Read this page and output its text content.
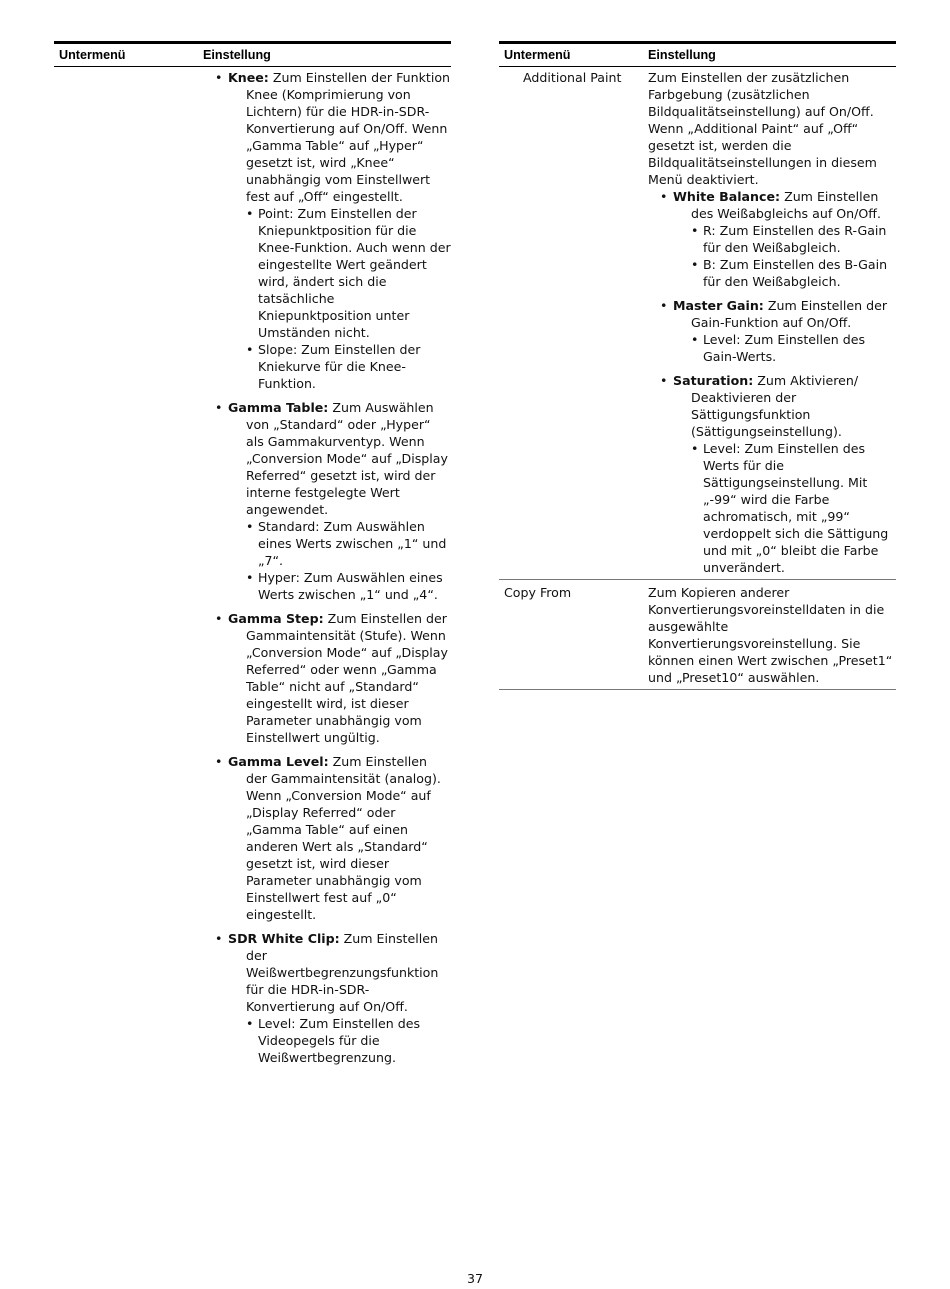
Untermenü	Einstellung
• Knee: Zum Einstellen der Funktion Knee (Komprimierung von Lichtern) für die HDR-in-SDR-Konvertierung auf On/Off. Wenn „Gamma Table“ auf „Hyper“ gesetzt ist, wird „Knee“ unabhängig vom Einstellwert fest auf „Off“ eingestellt.
• Point: Zum Einstellen der Kniepunktposition für die Knee-Funktion. Auch wenn der eingestellte Wert geändert wird, ändert sich die tatsächliche Kniepunktposition unter Umständen nicht.
• Slope: Zum Einstellen der Kniekurve für die Knee-Funktion.
• Gamma Table: Zum Auswählen von „Standard“ oder „Hyper“ als Gammakurventyp. Wenn „Conversion Mode“ auf „Display Referred“ gesetzt ist, wird der interne festgelegte Wert angewendet.
• Standard: Zum Auswählen eines Werts zwischen „1“ und „7“.
• Hyper: Zum Auswählen eines Werts zwischen „1“ und „4“.
• Gamma Step: Zum Einstellen der Gammaintensität (Stufe). Wenn „Conversion Mode“ auf „Display Referred“ oder wenn „Gamma Table“ nicht auf „Standard“ eingestellt wird, ist dieser Parameter unabhängig vom Einstellwert ungültig.
• Gamma Level: Zum Einstellen der Gammaintensität (analog). Wenn „Conversion Mode“ auf „Display Referred“ oder „Gamma Table“ auf einen anderen Wert als „Standard“ gesetzt ist, wird dieser Parameter unabhängig vom Einstellwert fest auf „0“ eingestellt.
• SDR White Clip: Zum Einstellen der Weißwertbegrenzungsfunktion für die HDR-in-SDR-Konvertierung auf On/Off.
• Level: Zum Einstellen des Videopegels für die Weißwertbegrenzung.
Untermenü	Einstellung
Additional Paint	Zum Einstellen der zusätzlichen Farbgebung (zusätzlichen Bildqualitätseinstellung) auf On/Off. Wenn „Additional Paint“ auf „Off“ gesetzt ist, werden die Bildqualitätseinstellungen in diesem Menü deaktiviert.
• White Balance: Zum Einstellen des Weißabgleichs auf On/Off.
• R: Zum Einstellen des R-Gain für den Weißabgleich.
• B: Zum Einstellen des B-Gain für den Weißabgleich.
• Master Gain: Zum Einstellen der Gain-Funktion auf On/Off.
• Level: Zum Einstellen des Gain-Werts.
• Saturation: Zum Aktivieren/ Deaktivieren der Sättigungsfunktion (Sättigungseinstellung).
• Level: Zum Einstellen des Werts für die Sättigungseinstellung. Mit „-99“ wird die Farbe achromatisch, mit „99“ verdoppelt sich die Sättigung und mit „0“ bleibt die Farbe unverändert.
Copy From	Zum Kopieren anderer Konvertierungsvoreinstelldaten in die ausgewählte Konvertierungsvoreinstellung. Sie können einen Wert zwischen „Preset1“ und „Preset10“ auswählen.
37
